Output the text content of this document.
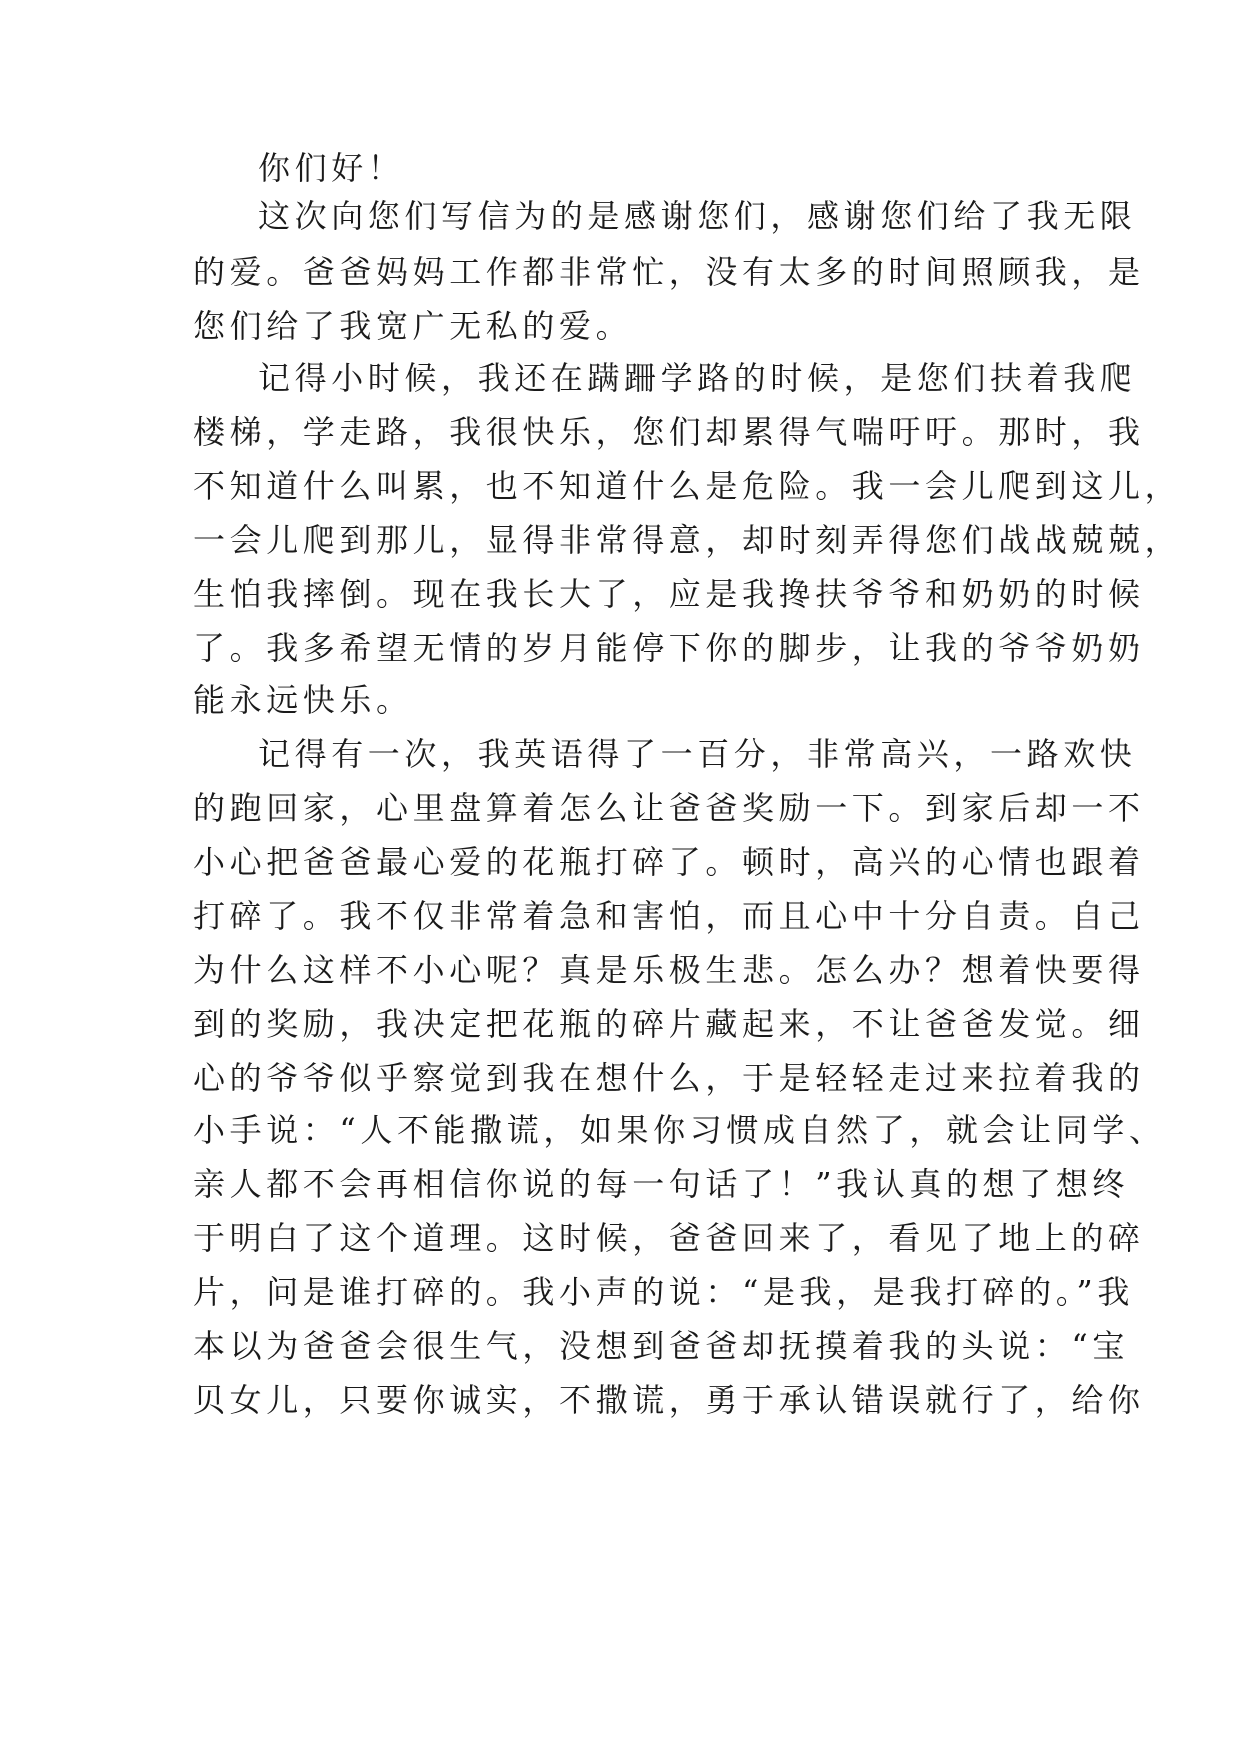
你们好！
这次向您们写信为的是感谢您们，感谢您们给了我无限
的爱。爸爸妈妈工作都非常忙，没有太多的时间照顾我，是
您们给了我宽广无私的爱。
记得小时候，我还在蹒跚学路的时候，是您们扶着我爬
楼梯，学走路，我很快乐，您们却累得气喘吁吁。那时，我
不知道什么叫累，也不知道什么是危险。我一会儿爬到这儿，
一会儿爬到那儿，显得非常得意，却时刻弄得您们战战兢兢，
生怕我摔倒。现在我长大了，应是我搀扶爷爷和奶奶的时候
了。我多希望无情的岁月能停下你的脚步，让我的爷爷奶奶
能永远快乐。
记得有一次，我英语得了一百分，非常高兴，一路欢快
的跑回家，心里盘算着怎么让爸爸奖励一下。到家后却一不
小心把爸爸最心爱的花瓶打碎了。顿时，高兴的心情也跟着
打碎了。我不仅非常着急和害怕，而且心中十分自责。自己
为什么这样不小心呢？真是乐极生悲。怎么办？想着快要得
到的奖励，我决定把花瓶的碎片藏起来，不让爸爸发觉。细
心的爷爷似乎察觉到我在想什么，于是轻轻走过来拉着我的
小手说：“人不能撒谎，如果你习惯成自然了，就会让同学、
亲人都不会再相信你说的每一句话了！”我认真的想了想终
于明白了这个道理。这时候，爸爸回来了，看见了地上的碎
片，问是谁打碎的。我小声的说：“是我，是我打碎的。”我
本以为爸爸会很生气，没想到爸爸却抚摸着我的头说：“宝
贝女儿，只要你诚实，不撒谎，勇于承认错误就行了，给你
